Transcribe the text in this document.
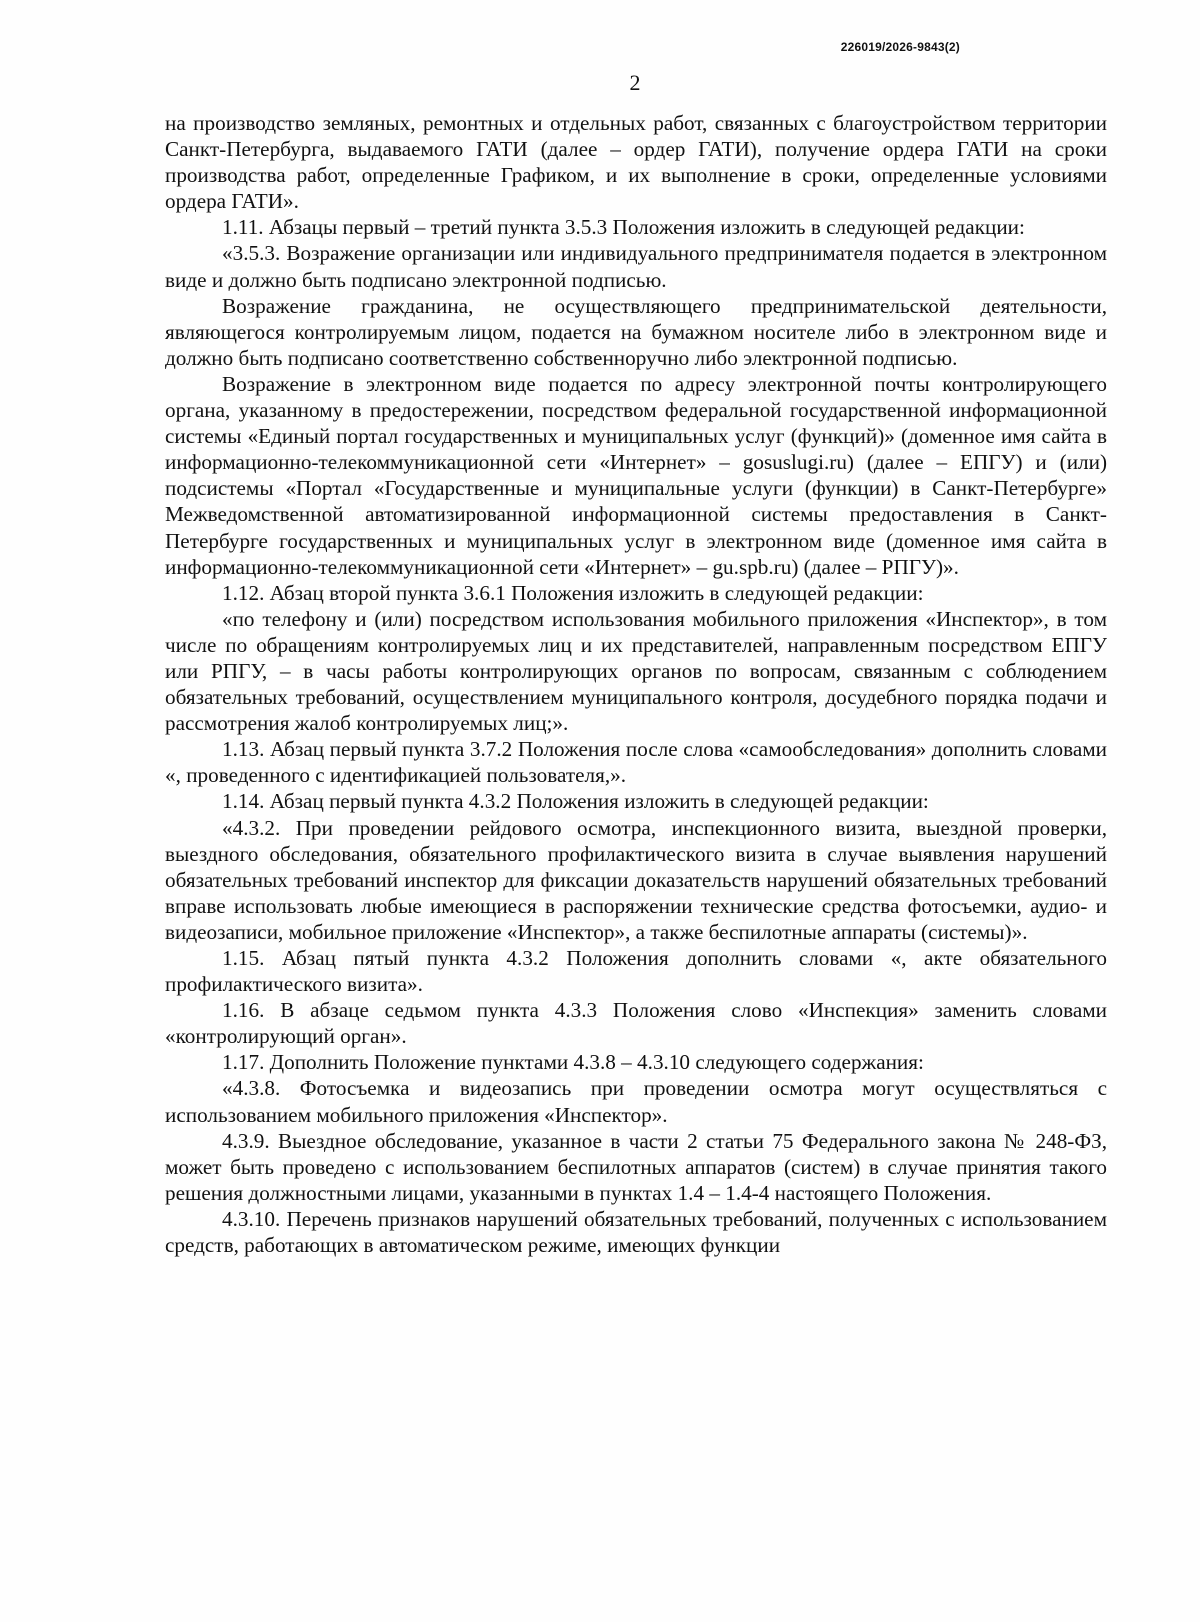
226019/2026-9843(2)
2

на производство земляных, ремонтных и отдельных работ, связанных с благоустройством территории Санкт-Петербурга, выдаваемого ГАТИ (далее – ордер ГАТИ), получение ордера ГАТИ на сроки производства работ, определенные Графиком, и их выполнение в сроки, определенные условиями ордера ГАТИ».

1.11. Абзацы первый – третий пункта 3.5.3 Положения изложить в следующей редакции:

«3.5.3. Возражение организации или индивидуального предпринимателя подается в электронном виде и должно быть подписано электронной подписью.

Возражение гражданина, не осуществляющего предпринимательской деятельности, являющегося контролируемым лицом, подается на бумажном носителе либо в электронном виде и должно быть подписано соответственно собственноручно либо электронной подписью.

Возражение в электронном виде подается по адресу электронной почты контролирующего органа, указанному в предостережении, посредством федеральной государственной информационной системы «Единый портал государственных и муниципальных услуг (функций)» (доменное имя сайта в информационно-телекоммуникационной сети «Интернет» – gosuslugi.ru) (далее – ЕПГУ) и (или) подсистемы «Портал «Государственные и муниципальные услуги (функции) в Санкт-Петербурге» Межведомственной автоматизированной информационной системы предоставления в Санкт-Петербурге государственных и муниципальных услуг в электронном виде (доменное имя сайта в информационно-телекоммуникационной сети «Интернет» – gu.spb.ru) (далее – РПГУ)».

1.12. Абзац второй пункта 3.6.1 Положения изложить в следующей редакции:

«по телефону и (или) посредством использования мобильного приложения «Инспектор», в том числе по обращениям контролируемых лиц и их представителей, направленным посредством ЕПГУ или РПГУ, – в часы работы контролирующих органов по вопросам, связанным с соблюдением обязательных требований, осуществлением муниципального контроля, досудебного порядка подачи и рассмотрения жалоб контролируемых лиц;».

1.13. Абзац первый пункта 3.7.2 Положения после слова «самообследования» дополнить словами «, проведенного с идентификацией пользователя,».

1.14. Абзац первый пункта 4.3.2 Положения изложить в следующей редакции:

«4.3.2. При проведении рейдового осмотра, инспекционного визита, выездной проверки, выездного обследования, обязательного профилактического визита в случае выявления нарушений обязательных требований инспектор для фиксации доказательств нарушений обязательных требований вправе использовать любые имеющиеся в распоряжении технические средства фотосъемки, аудио- и видеозаписи, мобильное приложение «Инспектор», а также беспилотные аппараты (системы)».

1.15. Абзац пятый пункта 4.3.2 Положения дополнить словами «, акте обязательного профилактического визита».

1.16. В абзаце седьмом пункта 4.3.3 Положения слово «Инспекция» заменить словами «контролирующий орган».

1.17. Дополнить Положение пунктами 4.3.8 – 4.3.10 следующего содержания:

«4.3.8. Фотосъемка и видеозапись при проведении осмотра могут осуществляться с использованием мобильного приложения «Инспектор».

4.3.9. Выездное обследование, указанное в части 2 статьи 75 Федерального закона № 248-ФЗ, может быть проведено с использованием беспилотных аппаратов (систем) в случае принятия такого решения должностными лицами, указанными в пунктах 1.4 – 1.4-4 настоящего Положения.

4.3.10. Перечень признаков нарушений обязательных требований, полученных с использованием средств, работающих в автоматическом режиме, имеющих функции
